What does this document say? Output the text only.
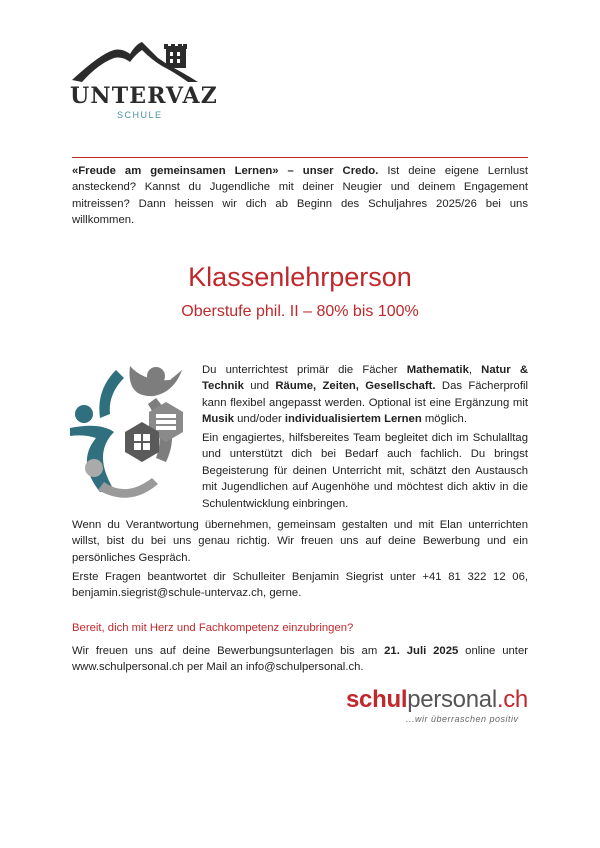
UNTERVAZ
SCHULE

«Freude am gemeinsamen Lernen» – unser Credo. Ist deine eigene Lernlust ansteckend? Kannst du Jugendliche mit deiner Neugier und deinem Engagement mitreissen? Dann heissen wir dich ab Beginn des Schuljahres 2025/26 bei uns willkommen.

Klassenlehrperson
Oberstufe phil. II – 80% bis 100%

Du unterrichtest primär die Fächer Mathematik, Natur & Technik und Räume, Zeiten, Gesellschaft. Das Fächerprofil kann flexibel angepasst werden. Optional ist eine Ergänzung mit Musik und/oder individualisiertem Lernen möglich.

Ein engagiertes, hilfsbereites Team begleitet dich im Schulalltag und unterstützt dich bei Bedarf auch fachlich. Du bringst Begeisterung für deinen Unterricht mit, schätzt den Austausch mit Jugendlichen auf Augenhöhe und möchtest dich aktiv in die Schulentwicklung einbringen.

Wenn du Verantwortung übernehmen, gemeinsam gestalten und mit Elan unterrichten willst, bist du bei uns genau richtig. Wir freuen uns auf deine Bewerbung und ein persönliches Gespräch.

Erste Fragen beantwortet dir Schulleiter Benjamin Siegrist unter +41 81 322 12 06, benjamin.siegrist@schule-untervaz.ch, gerne.

Bereit, dich mit Herz und Fachkompetenz einzubringen?

Wir freuen uns auf deine Bewerbungsunterlagen bis am 21. Juli 2025 online unter www.schulpersonal.ch per Mail an info@schulpersonal.ch.

schulpersonal.ch
...wir überraschen positiv
